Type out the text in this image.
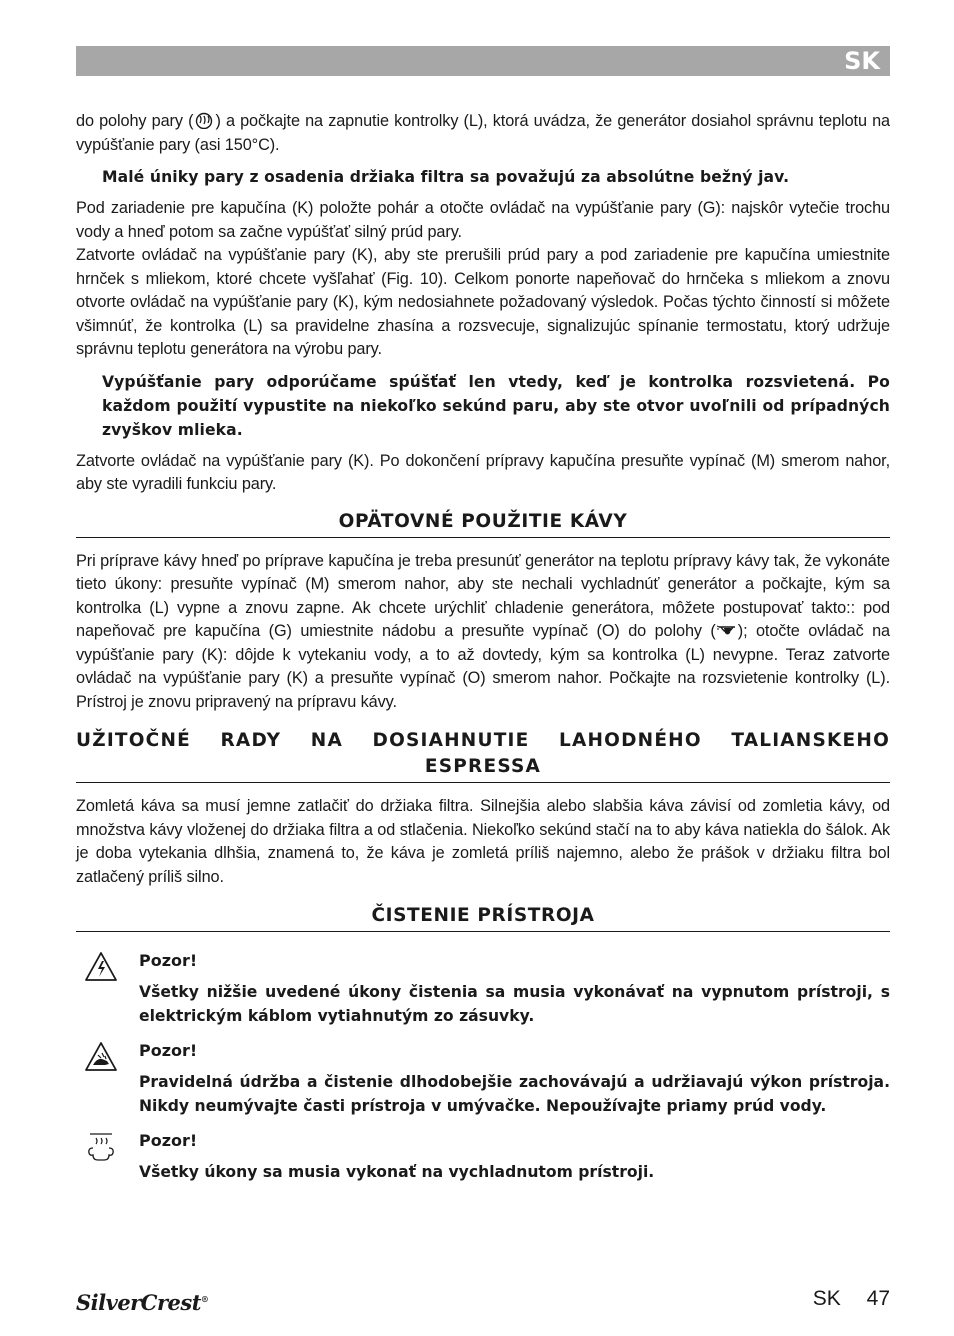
SK

do polohy pary ( ) a počkajte na zapnutie kontrolky (L), ktorá uvádza, že generátor dosiahol správnu teplotu na vypúšťanie pary (asi 150°C).

Malé úniky pary z osadenia držiaka filtra sa považujú za absolútne bežný jav.

Pod zariadenie pre kapučína (K) položte pohár a otočte ovládač na vypúšťanie pary (G): najskôr vytečie trochu vody a hneď potom sa začne vypúšťať silný prúd pary.

Zatvorte ovládač na vypúšťanie pary (K), aby ste prerušili prúd pary a pod zariadenie pre kapučína umiestnite hrnček s mliekom, ktoré chcete vyšľahať (Fig. 10). Celkom ponorte napeňovač do hrnčeka s mliekom a znovu otvorte ovládač na vypúšťanie pary (K), kým nedosiahnete požadovaný výsledok. Počas týchto činností si môžete všimnúť, že kontrolka (L) sa pravidelne zhasína a rozsvecuje, signalizujúc spínanie termostatu, ktorý udržuje správnu teplotu generátora na výrobu pary.

Vypúšťanie pary odporúčame spúšťať len vtedy, keď je kontrolka rozsvietená. Po každom použití vypustite na niekoľko sekúnd paru, aby ste otvor uvoľnili od prípadných zvyškov mlieka.

Zatvorte ovládač na vypúšťanie pary (K). Po dokončení prípravy kapučína presuňte vypínač (M) smerom nahor, aby ste vyradili funkciu pary.

OPÄTOVNÉ POUŽITIE KÁVY

Pri príprave kávy hneď po príprave kapučína je treba presunúť generátor na teplotu prípravy kávy tak, že vykonáte tieto úkony: presuňte vypínač (M) smerom nahor, aby ste nechali vychladnúť generátor a počkajte, kým sa kontrolka (L) vypne a znovu zapne. Ak chcete urýchliť chladenie generátora, môžete postupovať takto:: pod napeňovač pre kapučína (G) umiestnite nádobu a presuňte vypínač (O) do polohy ( ); otočte ovládač na vypúšťanie pary (K): dôjde k vytekaniu vody, a to až dovtedy, kým sa kontrolka (L) nevypne. Teraz zatvorte ovládač na vypúšťanie pary (K) a presuňte vypínač (O) smerom nahor. Počkajte na rozsvietenie kontrolky (L). Prístroj je znovu pripravený na prípravu kávy.

UŽITOČNÉ RADY NA DOSIAHNUTIE LAHODNÉHO TALIANSKEHO ESPRESSA

Zomletá káva sa musí jemne zatlačiť do držiaka filtra. Silnejšia alebo slabšia káva závisí od zomletia kávy, od množstva kávy vloženej do držiaka filtra a od stlačenia. Niekoľko sekúnd stačí na to aby káva natiekla do šálok. Ak je doba vytekania dlhšia, znamená to, že káva je zomletá príliš najemno, alebo že prášok v držiaku filtra bol zatlačený príliš silno.

ČISTENIE PRÍSTROJA
Pozor!

Všetky nižšie uvedené úkony čistenia sa musia vykonávať na vypnutom prístroji, s elektrickým káblom vytiahnutým zo zásuvky.

Pozor!

Pravidelná údržba a čistenie dlhodobejšie zachovávajú a udržiavajú výkon prístroja. Nikdy neumývajte časti prístroja v umývačke. Nepoužívajte priamy prúd vody.

Pozor!

Všetky úkony sa musia vykonať na vychladnutom prístroji.

SilverCrest®	SK 47
